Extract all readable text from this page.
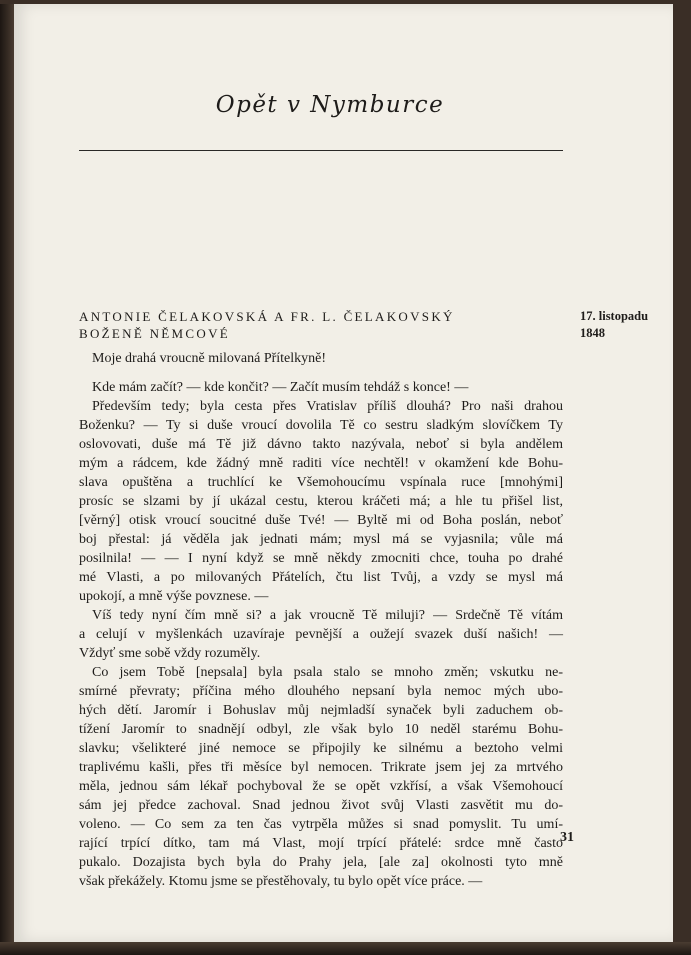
Opět v Nymburce
ANTONIE ČELAKOVSKÁ A FR. L. ČELAKOVSKÝ
BOŽENĚ NĚMCOVÉ
17. listopadu
1848
Moje drahá vroucně milovaná Přítelkyně!
Kde mám začít? — kde končit? — Začít musím tehdáž s konce! —
Především tedy; byla cesta přes Vratislav příliš dlouhá? Pro naši drahou
Boženku? — Ty si duše vroucí dovolila Tě co sestru sladkým slovíčkem Ty
oslovovati, duše má Tě již dávno takto nazývala, neboť si byla andělem
mým a rádcem, kde žádný mně raditi více nechtěl! v okamžení kde Bohu-
slava opuštěna a truchlící ke Všemohoucímu vspínala ruce [mnohými]
prosíc se slzami by jí ukázal cestu, kterou kráčeti má; a hle tu přišel list,
[věrný] otisk vroucí soucitné duše Tvé! — Byltě mi od Boha poslán, neboť
boj přestal: já věděla jak jednati mám; mysl má se vyjasnila; vůle má
posilnila! — — I nyní když se mně někdy zmocniti chce, touha po drahé
mé Vlasti, a po milovaných Přátelích, čtu list Tvůj, a vzdy se mysl má
upokojí, a mně výše povznese. —
Víš tedy nyní čím mně si? a jak vroucně Tě miluji? — Srdečně Tě vítám
a celují v myšlenkách uzavíraje pevnější a oužejí svazek duší našich! —
Vždyť sme sobě vždy rozuměly.
Co jsem Tobě [nepsala] byla psala stalo se mnoho změn; vskutku ne-
smírné převraty; příčina mého dlouhého nepsaní byla nemoc mých ubo-
hých dětí. Jaromír i Bohuslav můj nejmladší synaček byli zaduchem ob-
tížení Jaromír to snadnějí odbyl, zle však bylo 10 neděl starému Bohu-
slavku; všelikteré jiné nemoce se připojily ke silnému a beztoho velmi
traplivému kašli, přes tři měsíce byl nemocen. Trikrate jsem jej za mrtvého
měla, jednou sám lékař pochyboval že se opět vzkřísí, a však Všemohoucí
sám jej předce zachoval. Snad jednou život svůj Vlasti zasvětit mu do-
voleno. — Co sem za ten čas vytrpěla můžes si snad pomyslit. Tu umí-
rající trpící dítko, tam má Vlast, mojí trpící přátelé: srdce mně často
pukalo. Dozajista bych byla do Prahy jela, [ale za] okolnosti tyto mně
však překážely. Ktomu jsme se přestěhovaly, tu bylo opět více práce. —
31
